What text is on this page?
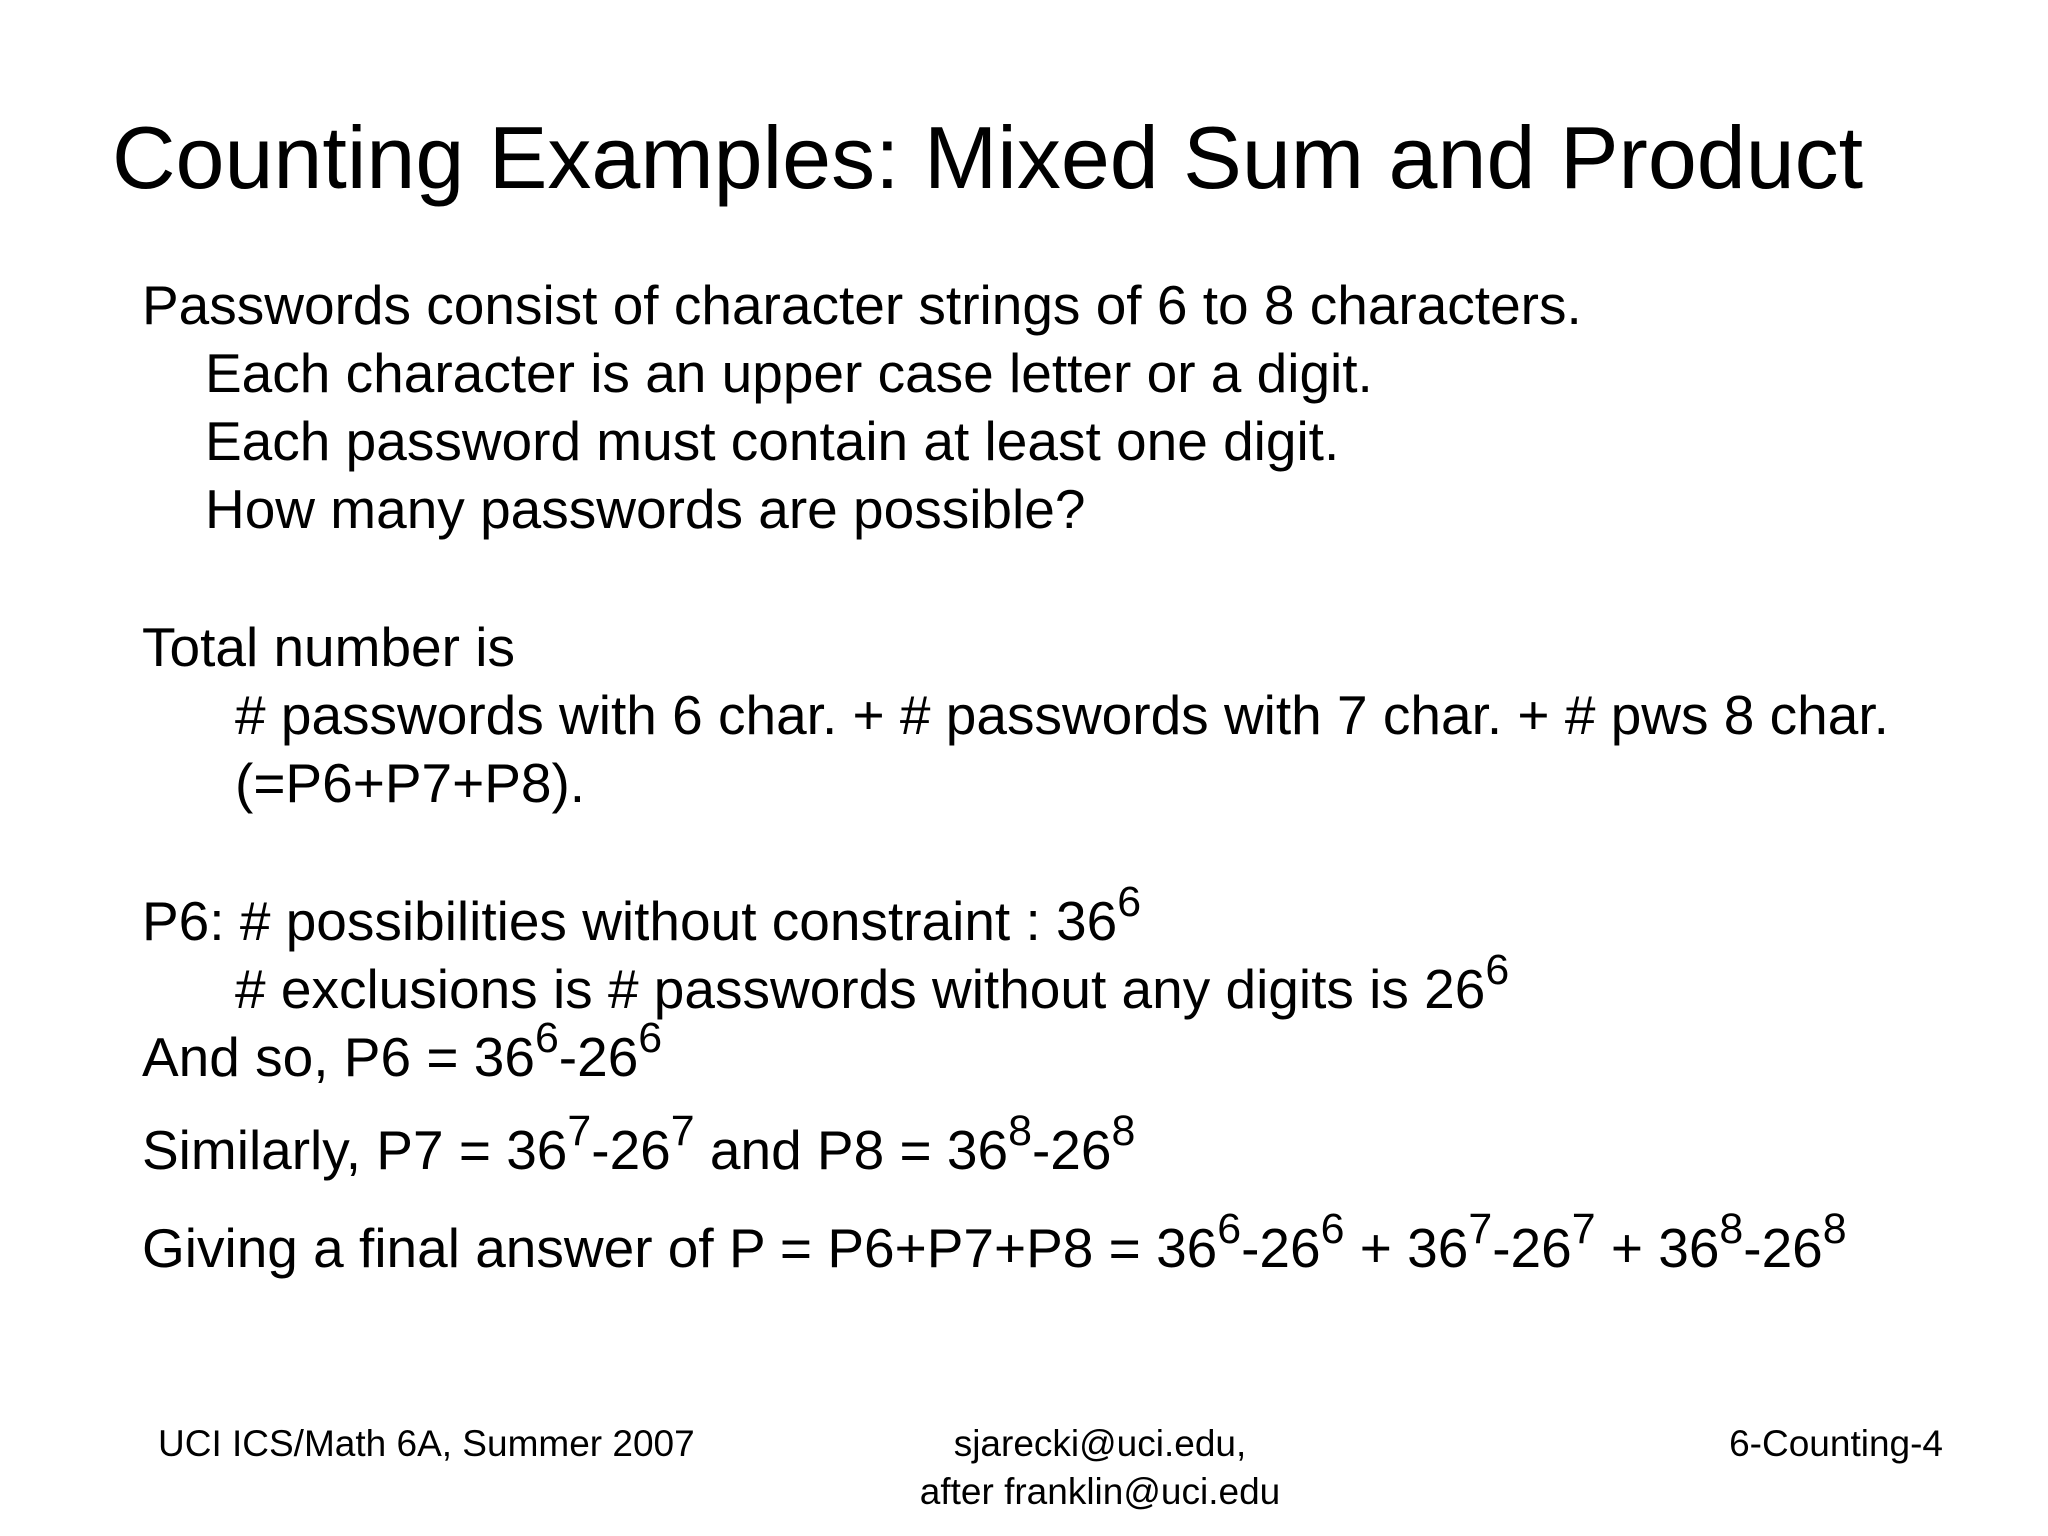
Counting Examples: Mixed Sum and Product
Passwords consist of character strings of 6 to 8 characters.
Each character is an upper case letter or a digit.
Each password must contain at least one digit.
How many passwords are possible?
Total number is
# passwords with 6 char. + # passwords with 7 char. + # pws 8 char.
(=P6+P7+P8).
P6: # possibilities without constraint : $36^6$
# exclusions is # passwords without any digits is $26^6$
And so, $P6 = 36^6-26^6$
Similarly, $P7 = 36^7-26^7$ and $P8 = 36^8-26^8$
Giving a final answer of $P = P6+P7+P8 = 36^6-26^6 + 36^7-26^7 + 36^8-26^8$
UCI ICS/Math 6A, Summer 2007	sjarecki@uci.edu,
after franklin@uci.edu
6-Counting-4
